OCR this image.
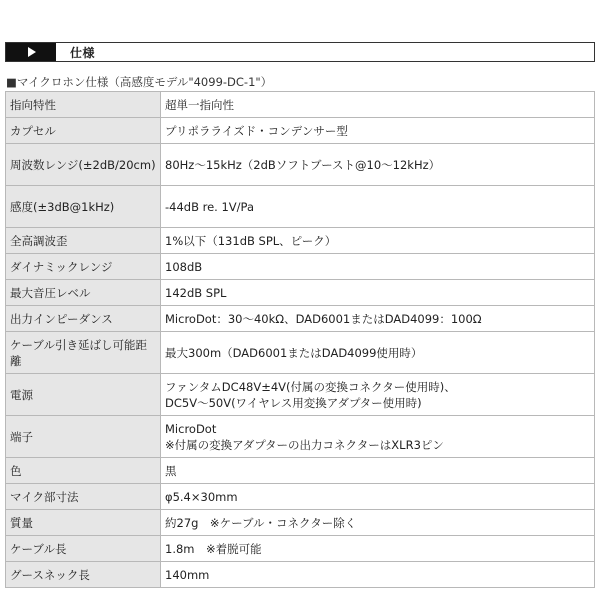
仕様
■マイクロホン仕様（高感度モデル"4099-DC-1"）
指向特性	超単一指向性

カプセル	プリポラライズド・コンデンサー型

周波数レンジ(±2dB/20cm)	80Hz〜15kHz（2dBソフトブースト@10〜12kHz）

感度(±3dB@1kHz)	-44dB re. 1V/Pa

全高調波歪	1%以下（131dB SPL、ピーク）

ダイナミックレンジ	108dB

最大音圧レベル	142dB SPL

出力インピーダンス	MicroDot：30〜40kΩ、DAD6001またはDAD4099：100Ω

ケーブル引き延ばし可能距離	最大300m（DAD6001またはDAD4099使用時）

電源	ファンタムDC48V±4V(付属の変換コネクター使用時)、
DC5V〜50V(ワイヤレス用変換アダプター使用時)

端子	MicroDot
※付属の変換アダプターの出力コネクターはXLR3ピン

色	黒

マイク部寸法	φ5.4×30mm

質量	約27g　※ケーブル・コネクター除く

ケーブル長	1.8m　※着脱可能

グースネック長	140mm
